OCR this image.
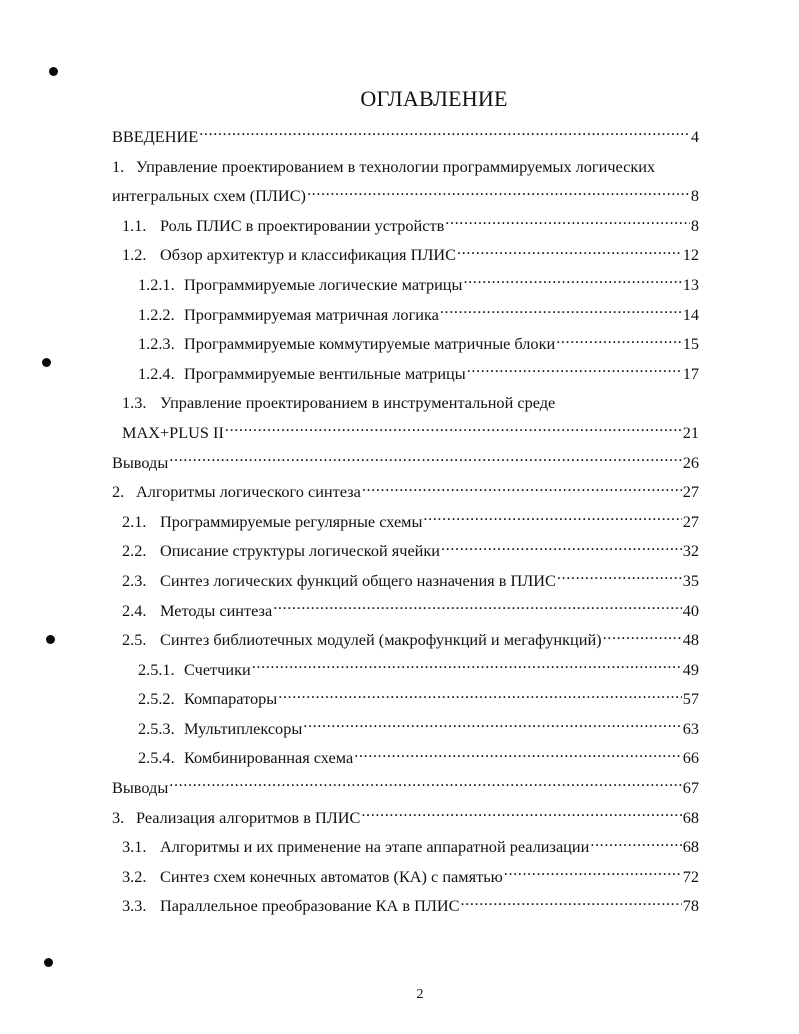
ОГЛАВЛЕНИЕ
ВВЕДЕНИЕ .....	4
1. Управление проектированием в технологии программируемых логических
интегральных схем (ПЛИС) .....	8
1.1. Роль ПЛИС в проектировании устройств .....	8
1.2. Обзор архитектур и классификация ПЛИС .....	12
1.2.1. Программируемые логические матрицы .....	13
1.2.2. Программируемая матричная логика .....	14
1.2.3. Программируемые коммутируемые матричные блоки .....	15
1.2.4. Программируемые вентильные матрицы .....	17
1.3. Управление проектированием в инструментальной среде
MAX+PLUS II .....	21
Выводы .....	26
2. Алгоритмы логического синтеза .....	27
2.1. Программируемые регулярные схемы .....	27
2.2. Описание структуры логической ячейки .....	32
2.3. Синтез логических функций общего назначения в ПЛИС .....	35
2.4. Методы синтеза .....	40
2.5. Синтез библиотечных модулей (макрофункций и мегафункций) .....	48
2.5.1. Счетчики .....	49
2.5.2. Компараторы .....	57
2.5.3. Мультиплексоры .....	63
2.5.4. Комбинированная схема .....	66
Выводы .....	67
3. Реализация алгоритмов в ПЛИС .....	68
3.1. Алгоритмы и их применение на этапе аппаратной реализации .....	68
3.2. Синтез схем конечных автоматов (КА) с памятью .....	72
3.3. Параллельное преобразование КА в ПЛИС .....	78
2
